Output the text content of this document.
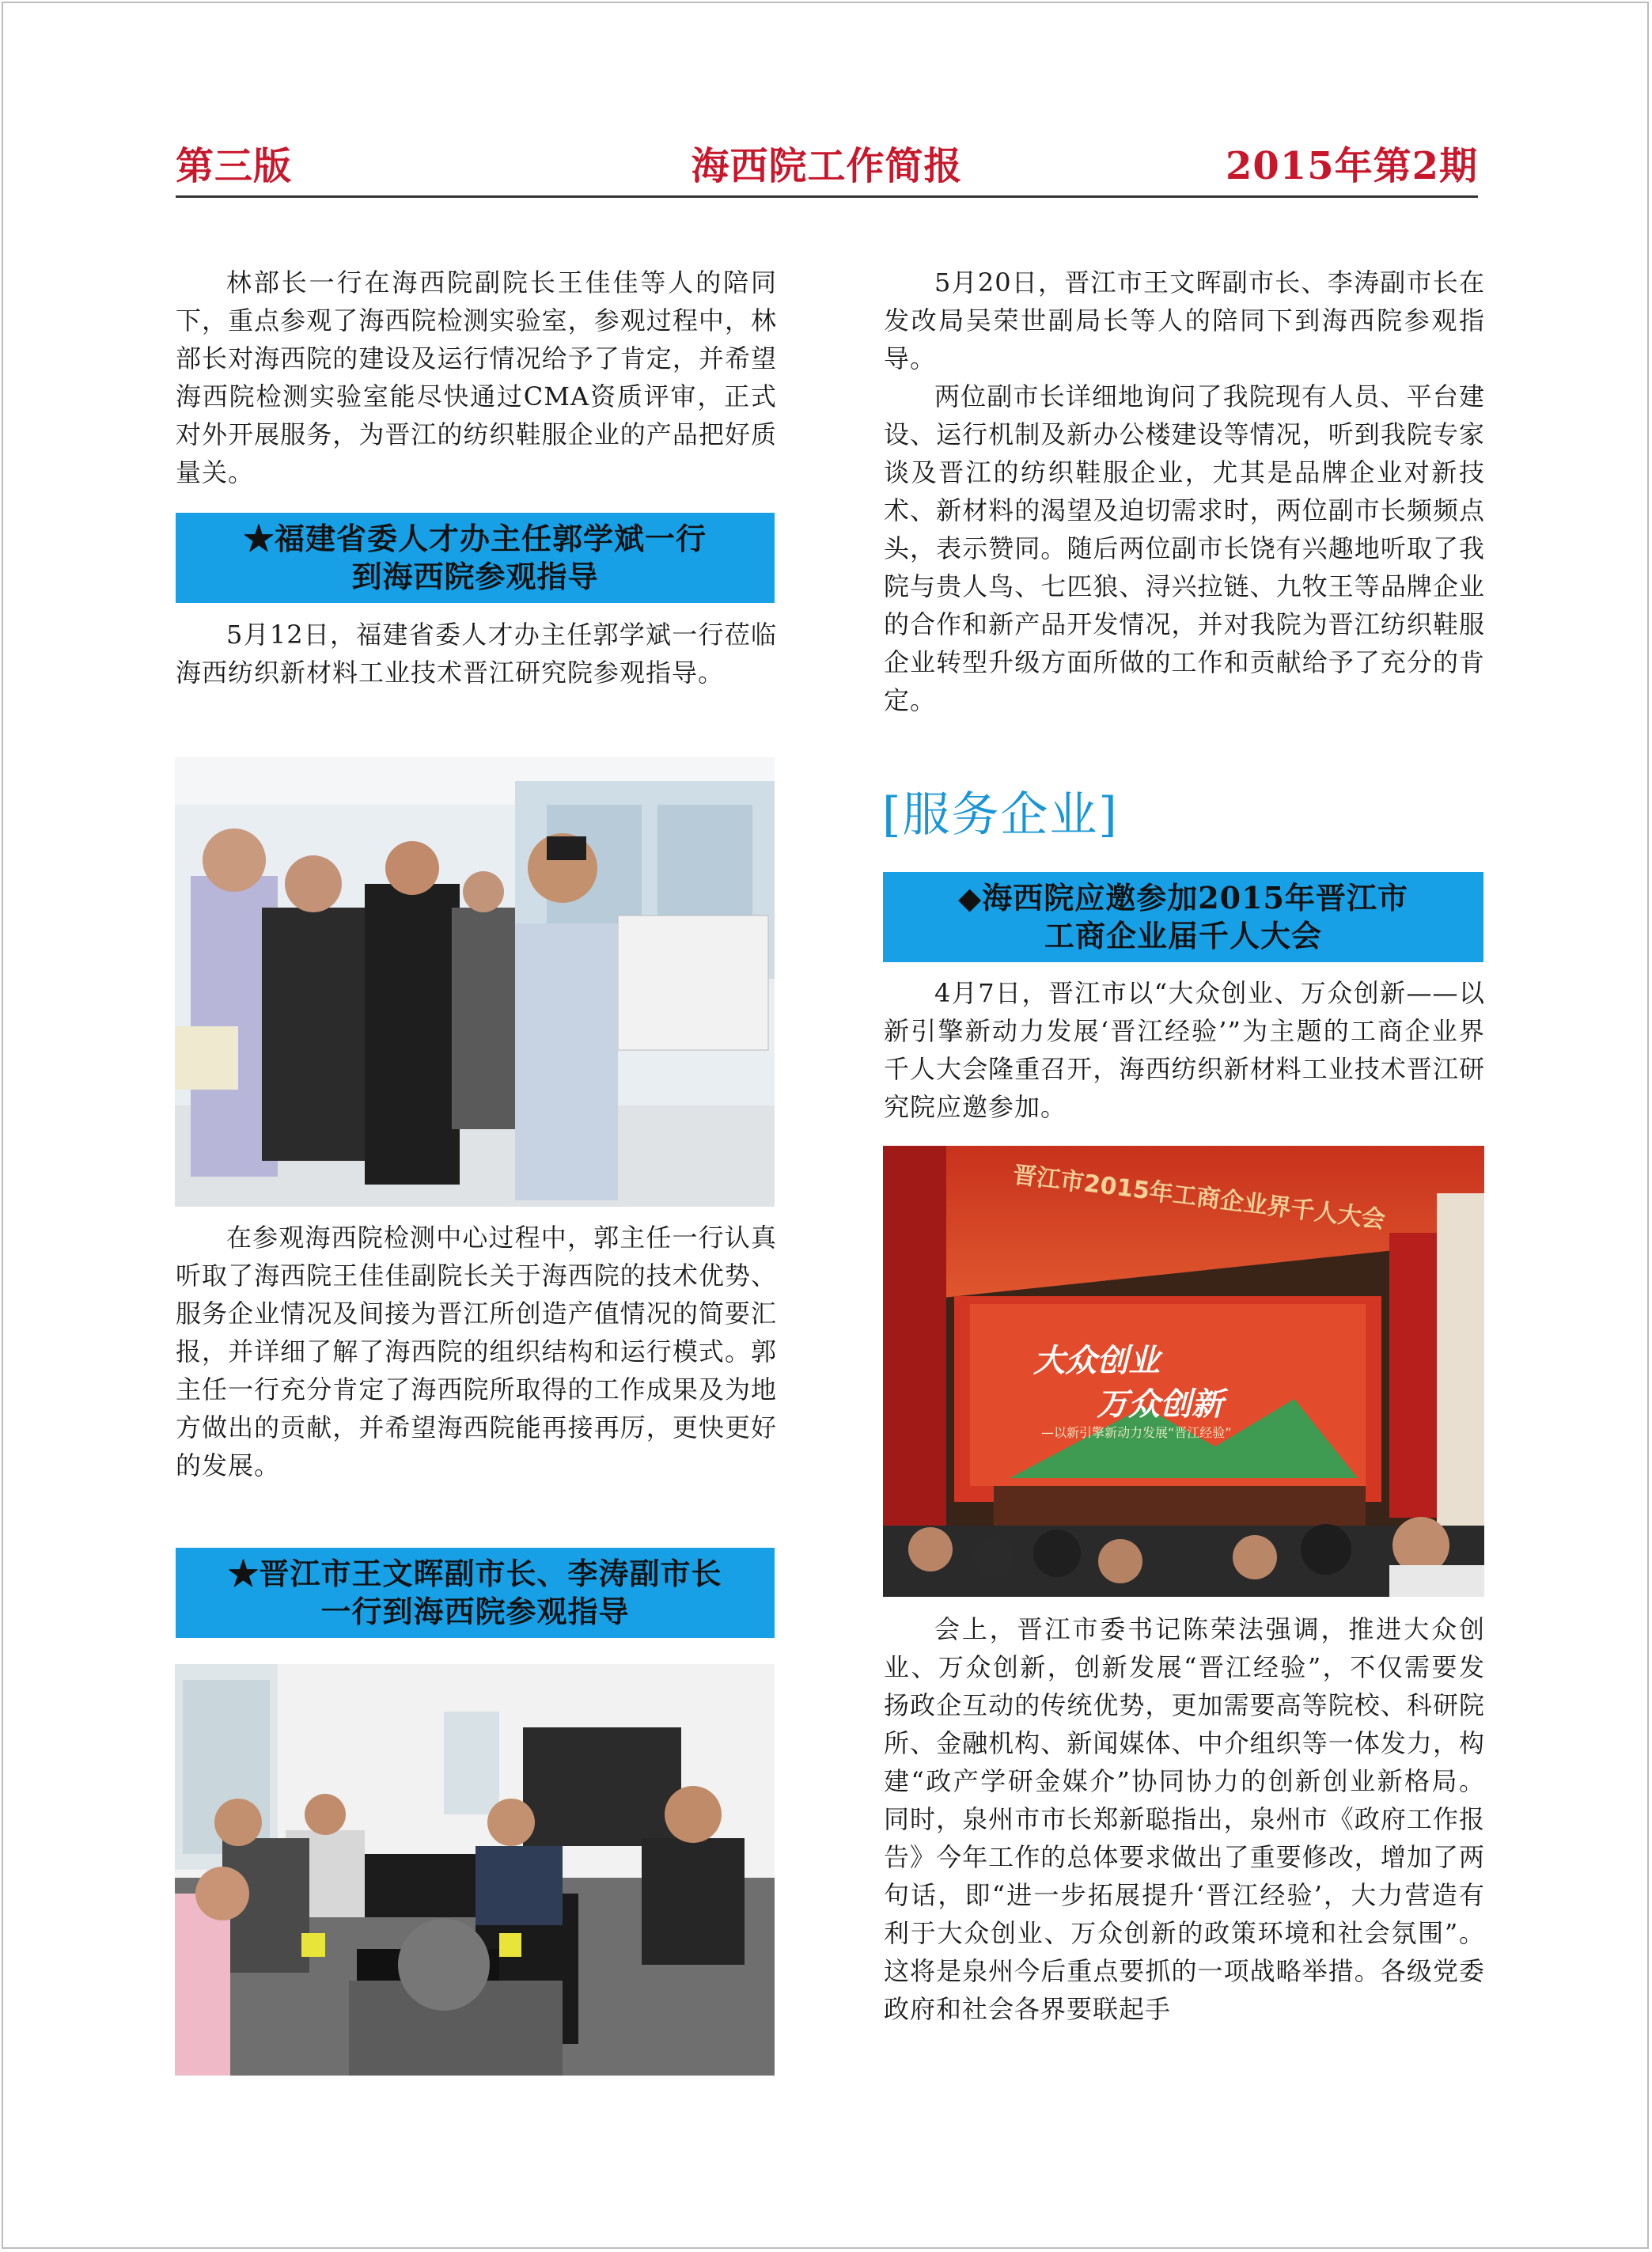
第三版	海西院工作简报	2015年第2期
林部长一行在海西院副院长王佳佳等人的陪同下，重点参观了海西院检测实验室，参观过程中，林部长对海西院的建设及运行情况给予了肯定，并希望海西院检测实验室能尽快通过CMA资质评审，正式对外开展服务，为晋江的纺织鞋服企业的产品把好质量关。
★福建省委人才办主任郭学斌一行
到海西院参观指导
5月12日，福建省委人才办主任郭学斌一行莅临海西纺织新材料工业技术晋江研究院参观指导。
在参观海西院检测中心过程中，郭主任一行认真听取了海西院王佳佳副院长关于海西院的技术优势、服务企业情况及间接为晋江所创造产值情况的简要汇报，并详细了解了海西院的组织结构和运行模式。郭主任一行充分肯定了海西院所取得的工作成果及为地方做出的贡献，并希望海西院能再接再厉，更快更好的发展。
★晋江市王文晖副市长、李涛副市长
一行到海西院参观指导
5月20日，晋江市王文晖副市长、李涛副市长在发改局吴荣世副局长等人的陪同下到海西院参观指导。
两位副市长详细地询问了我院现有人员、平台建设、运行机制及新办公楼建设等情况，听到我院专家谈及晋江的纺织鞋服企业，尤其是品牌企业对新技术、新材料的渴望及迫切需求时，两位副市长频频点头，表示赞同。随后两位副市长饶有兴趣地听取了我院与贵人鸟、七匹狼、浔兴拉链、九牧王等品牌企业的合作和新产品开发情况，并对我院为晋江纺织鞋服企业转型升级方面所做的工作和贡献给予了充分的肯定。
[服务企业]
◆海西院应邀参加2015年晋江市
工商企业届千人大会
4月7日，晋江市以“大众创业、万众创新——以新引擎新动力发展‘晋江经验’”为主题的工商企业界千人大会隆重召开，海西纺织新材料工业技术晋江研究院应邀参加。
晋江市2015年工商企业界千人大会
大众创业
万众创新
—以新引擎新动力发展“晋江经验”
会上，晋江市委书记陈荣法强调，推进大众创业、万众创新，创新发展“晋江经验”，不仅需要发扬政企互动的传统优势，更加需要高等院校、科研院所、金融机构、新闻媒体、中介组织等一体发力，构建“政产学研金媒介”协同协力的创新创业新格局。同时，泉州市市长郑新聪指出，泉州市《政府工作报告》今年工作的总体要求做出了重要修改，增加了两句话，即“进一步拓展提升‘晋江经验’，大力营造有利于大众创业、万众创新的政策环境和社会氛围”。这将是泉州今后重点要抓的一项战略举措。各级党委政府和社会各界要联起手
